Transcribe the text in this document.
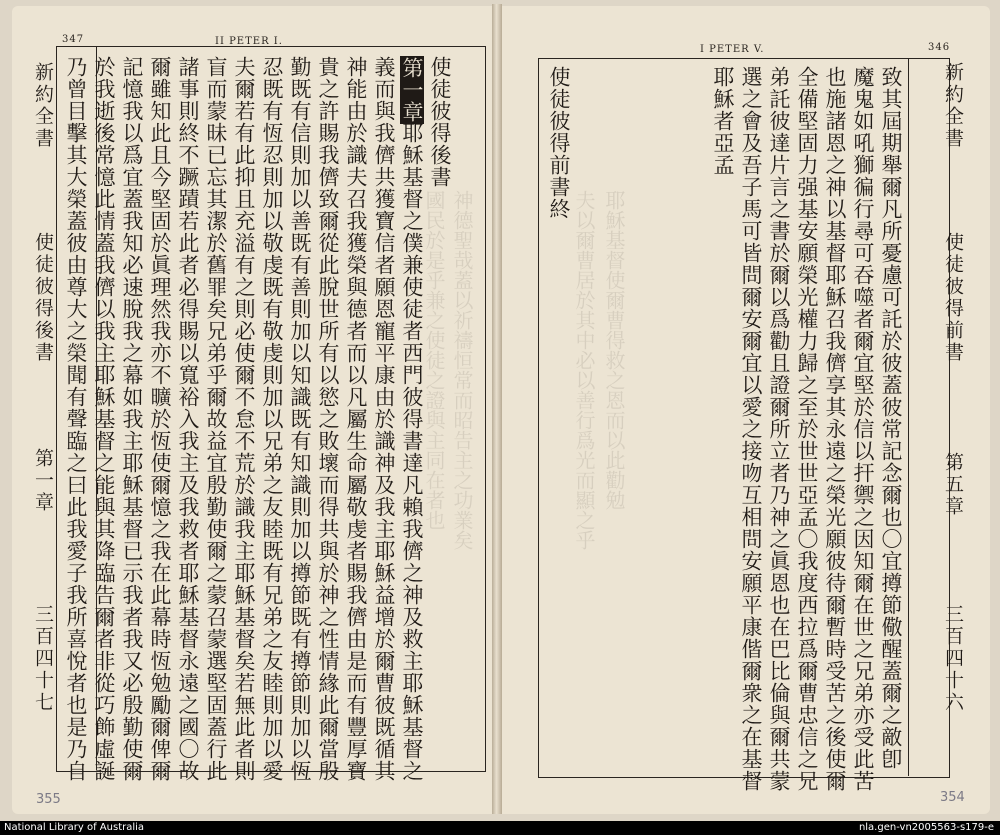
347	II PETER I.
神德聖哉蓋以祈禱恒常而昭告主之功業矣
國民於是乎兼之使徒之證與主同在者也
新約全書
使徒彼得後書
第一章
三百四十七
使徒彼得後書
第一章
耶穌基督之僕兼使徒者西門彼得書達凡賴我儕之神及救主耶穌基督之
義而與我儕共獲寶信者願恩寵平康由於識神及我主耶穌益增於爾曹彼既循其
神能由於識夫召我獲榮與德者而以凡屬生命屬敬虔者賜我儕由是而有豐厚寶
貴之許賜我儕致爾從此脫世所有以慾之敗壞而得共與於神之性情緣此爾當殷
勤既有信則加以善既有善則加以知識既有知識則加以撙節既有撙節則加以恆
忍既有恆忍則加以敬虔既有敬虔則加以兄弟之友睦既有兄弟之友睦則加以愛
夫爾若有此抑且充溢有之則必使爾不怠不荒於識我主耶穌基督矣若無此者則
盲而蒙昧已忘其潔於舊罪矣兄弟乎爾故益宜殷勤使爾之蒙召蒙選堅固蓋行此
諸事則終不蹶蹟若此者必得賜以寬裕入我主及我救者耶穌基督永遠之國〇故
爾雖知此且今堅固於眞理然我亦不曠於恆使爾憶之我在此幕時恆勉勵爾俾爾
記憶我以爲宜蓋我知必速脫我之幕如我主耶穌基督已示我者我又必殷勤使爾
於我逝後常憶此情蓋我儕以我主耶穌基督之能與其降臨告爾者非從巧飾虛誕
乃曾目擊其大榮蓋彼由尊大之榮聞有聲臨之曰此我愛子我所喜悅者也是乃自
355
I PETER V.	346
夫以爾曹居於其中必以善行爲光而顯之乎 耶穌基督使爾曹得救之恩而以此勸勉
新約全書
使徒彼得前書
第五章
三百四十六
致其屆期舉爾凡所憂慮可託於彼蓋彼常記念爾也〇宜撙節儆醒蓋爾之敵卽
魔鬼如吼獅徧行尋可吞噬者爾宜堅於信以扞禦之因知爾在世之兄弟亦受此苦
也施諸恩之神以基督耶穌召我儕享其永遠之榮光願彼待爾暫時受苦之後使爾
全備堅固力强基安願榮光權力歸之至於世世亞孟〇我度西拉爲爾曹忠信之兄
弟託彼達片言之書於爾以爲勸且證爾所立者乃神之眞恩也在巴比倫與爾共蒙
選之會及吾子馬可皆問爾安爾宜以愛之接吻互相問安願平康偕爾衆之在基督
耶穌者亞孟
使徒彼得前書終
354
National Library of Australia	nla.gen-vn2005563-s179-e
